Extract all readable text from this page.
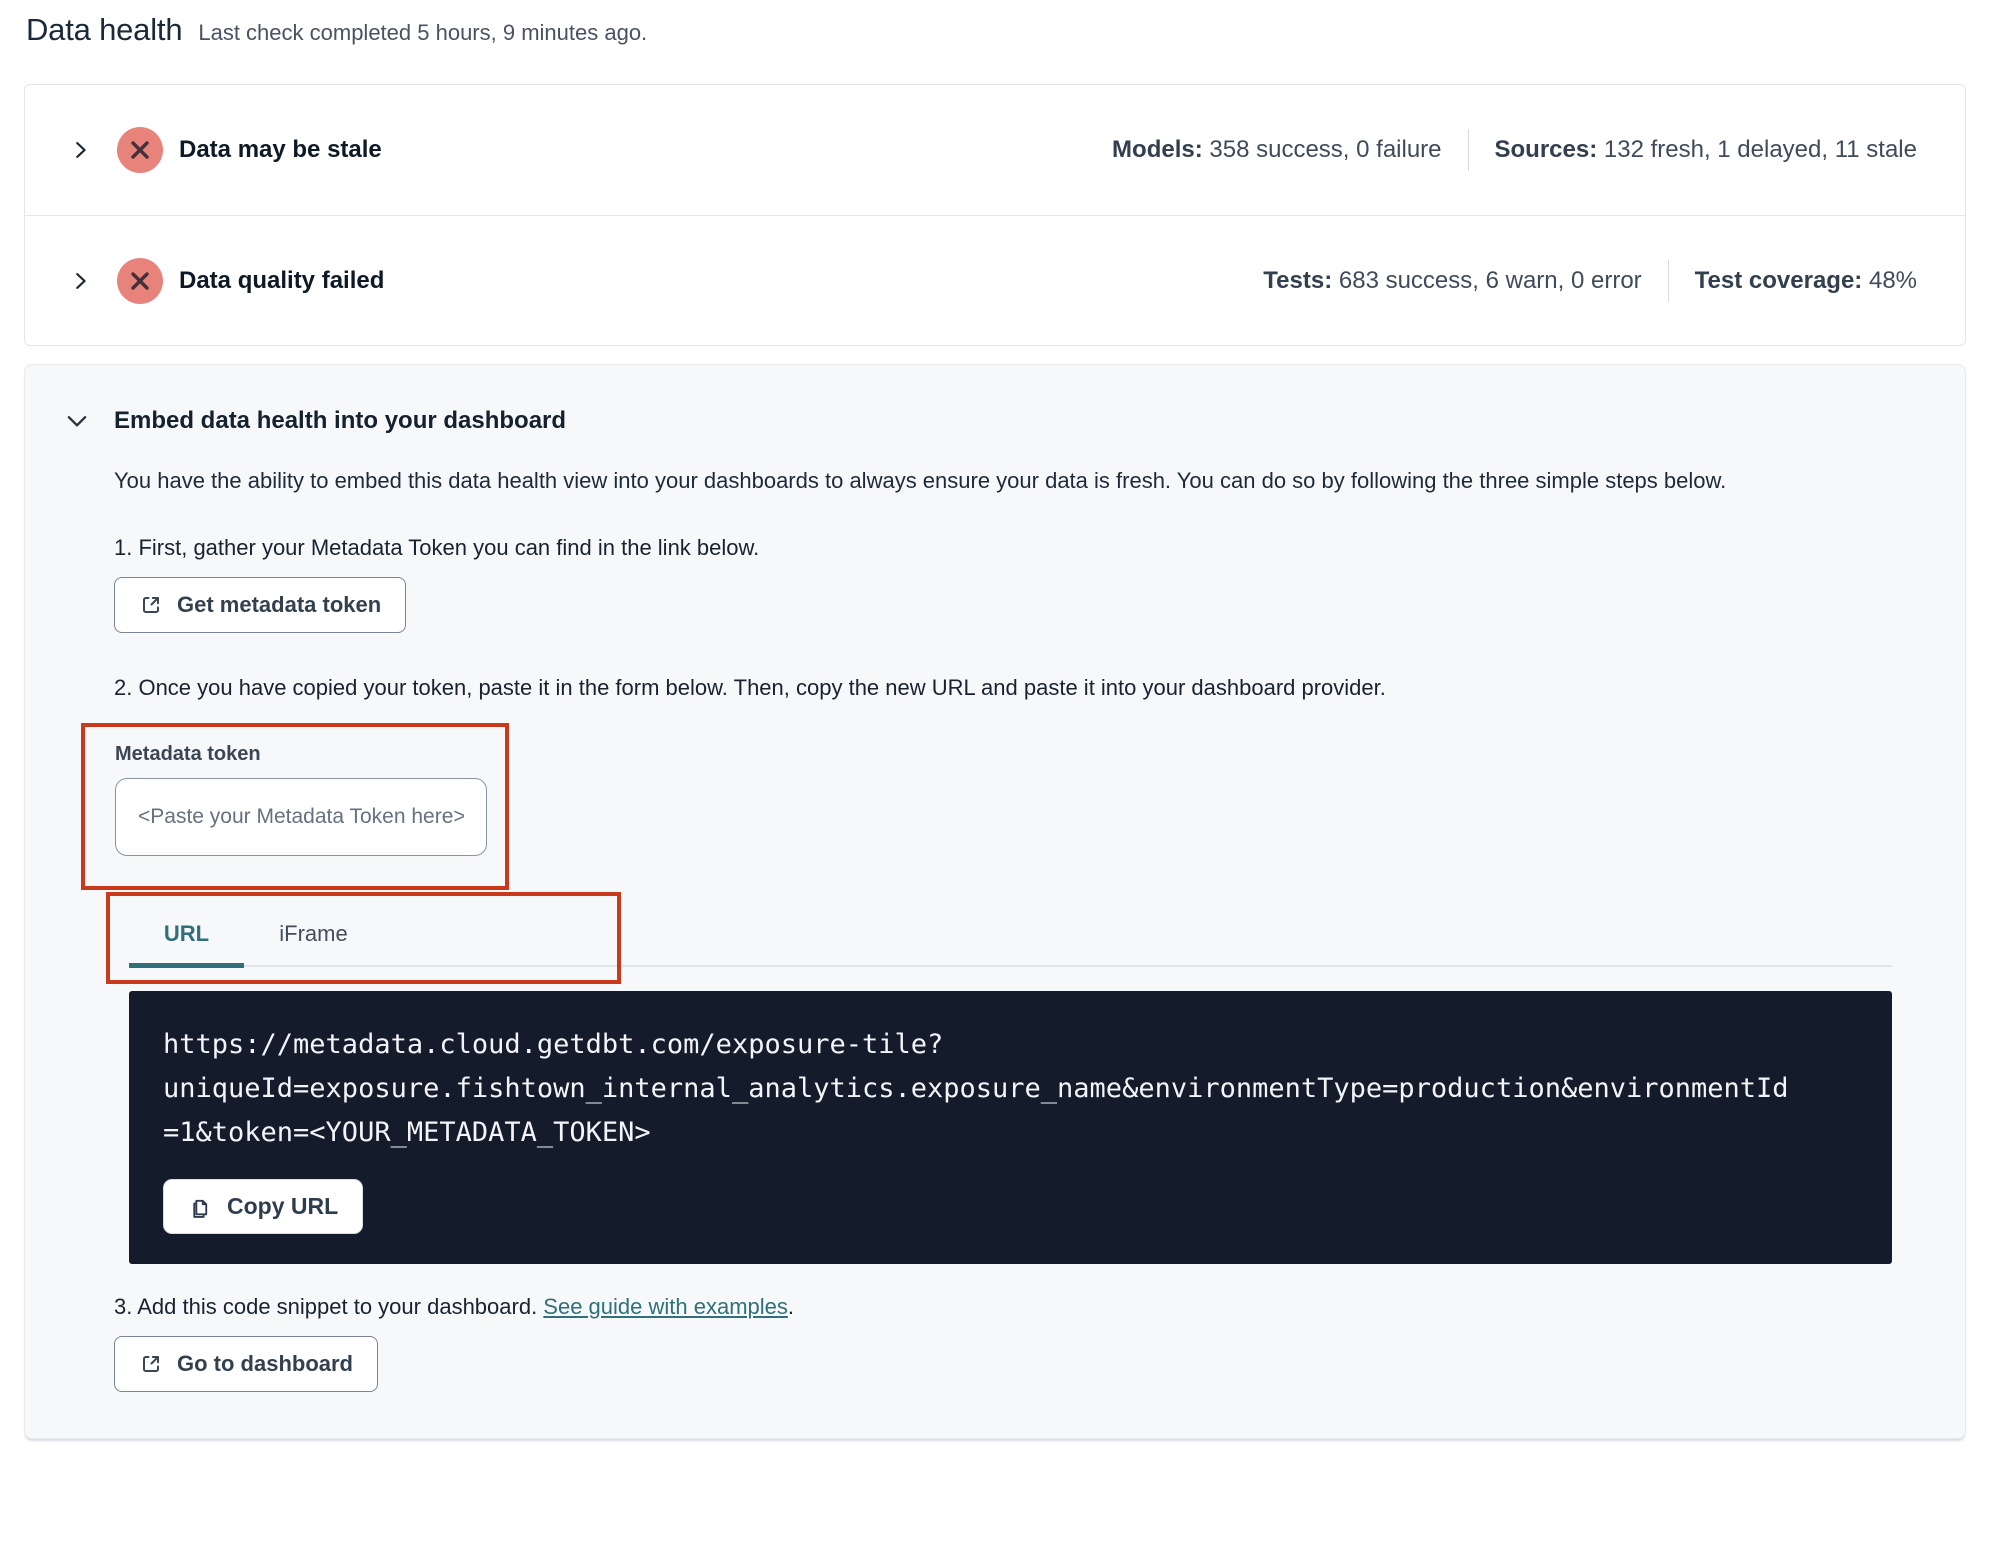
Data health Last check completed 5 hours, 9 minutes ago.
Data may be stale	Models: 358 success, 0 failure Sources: 132 fresh, 1 delayed, 11 stale
Data quality failed	Tests: 683 success, 6 warn, 0 error Test coverage: 48%
Embed data health into your dashboard
You have the ability to embed this data health view into your dashboards to always ensure your data is fresh. You can do so by following the three simple steps below.
1. First, gather your Metadata Token you can find in the link below.
Get metadata token
2. Once you have copied your token, paste it in the form below. Then, copy the new URL and paste it into your dashboard provider.
Metadata token
<Paste your Metadata Token here>
URL	iFrame
https://metadata.cloud.getdbt.com/exposure-tile?
uniqueId=exposure.fishtown_internal_analytics.exposure_name&environmentType=production&environmentId
=1&token=<YOUR_METADATA_TOKEN>
Copy URL
3. Add this code snippet to your dashboard. See guide with examples.
Go to dashboard
